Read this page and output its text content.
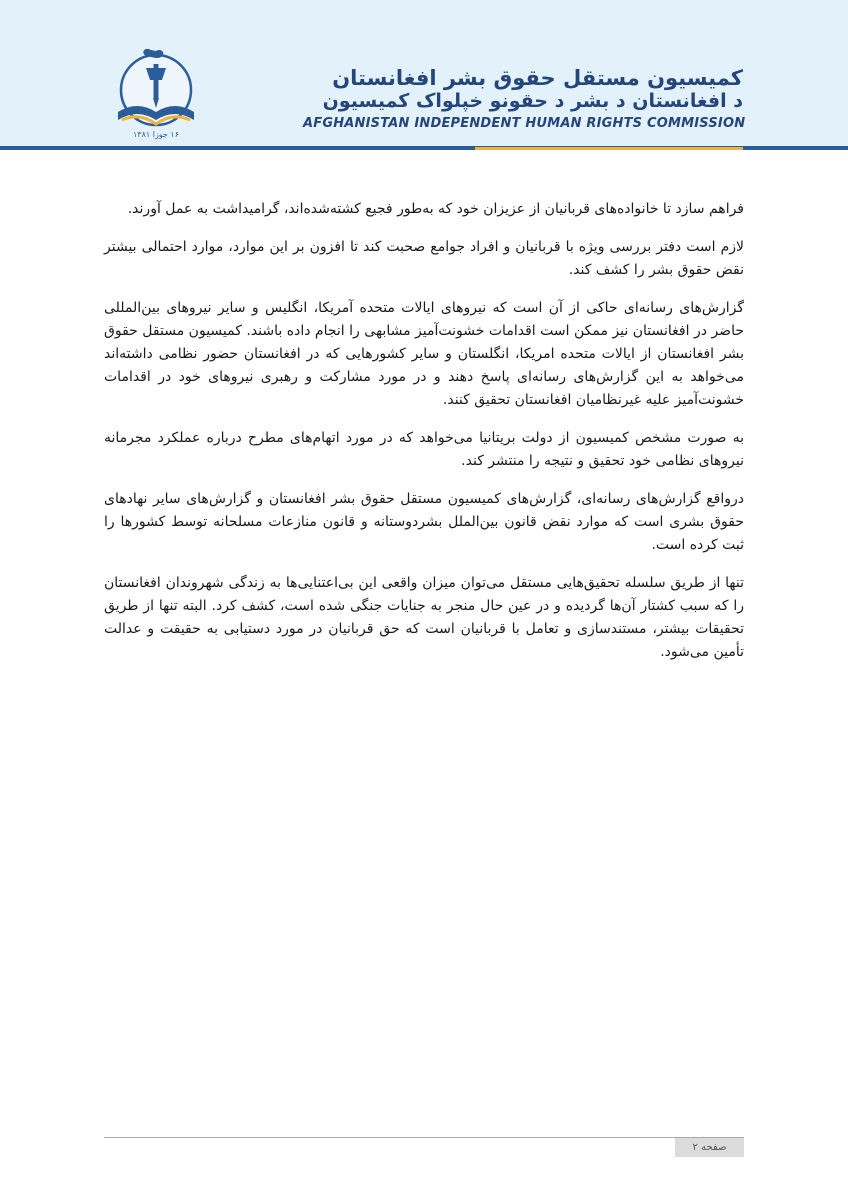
۱۶ جوزا ۱۳۸۱
کمیسیون مستقل حقوق بشر افغانستان
د افغانستان د بشر د حقونو خپلواک کمیسیون
AFGHANISTAN INDEPENDENT HUMAN RIGHTS COMMISSION

فراهم سازد تا خانواده‌های قربانیان از عزیزان خود که به‌طور فجیع کشته‌شده‌اند، گرامیداشت به عمل آورند.

لازم است دفتر بررسی ویژه با قربانیان و افراد جوامع صحبت کند تا افزون بر این موارد، موارد احتمالی بیشتر نقض حقوق بشر را کشف کند.

گزارش‌های رسانه‌ای حاکی از آن است که نیروهای ایالات متحده آمریکا، انگلیس و سایر نیروهای بین‌المللی حاضر در افغانستان نیز ممکن است اقدامات خشونت‌آمیز مشابهی را انجام داده باشند. کمیسیون مستقل حقوق بشر افغانستان از ایالات متحده امریکا، انگلستان و سایر کشورهایی که در افغانستان حضور نظامی داشته‌اند می‌خواهد به این گزارش‌های رسانه‌ای پاسخ دهند و در مورد مشارکت و رهبری نیروهای خود در اقدامات خشونت‌آمیز علیه غیرنظامیان افغانستان تحقیق کنند.

به صورت مشخص کمیسیون از دولت بریتانیا می‌خواهد که در مورد اتهام‌های مطرح درباره عملکرد مجرمانه نیروهای نظامی خود تحقیق و نتیجه را منتشر کند.

درواقع گزارش‌های رسانه‌ای، گزارش‌های کمیسیون مستقل حقوق بشر افغانستان و گزارش‌های سایر نهادهای حقوق بشری است که موارد نقض قانون بین‌الملل بشردوستانه و قانون منازعات مسلحانه توسط کشورها را ثبت کرده است.

تنها از طریق سلسله تحقیق‌هایی مستقل می‌توان میزان واقعی این بی‌اعتنایی‌ها به زندگی شهروندان افغانستان را که سبب کشتار آن‌ها گردیده و در عین حال منجر به جنایات جنگی شده است، کشف کرد. البته تنها از طریق تحقیقات بیشتر، مستندسازی و تعامل با قربانیان است که حق قربانیان در مورد دستیابی به حقیقت و عدالت تأمین می‌شود.

صفحه ۲
